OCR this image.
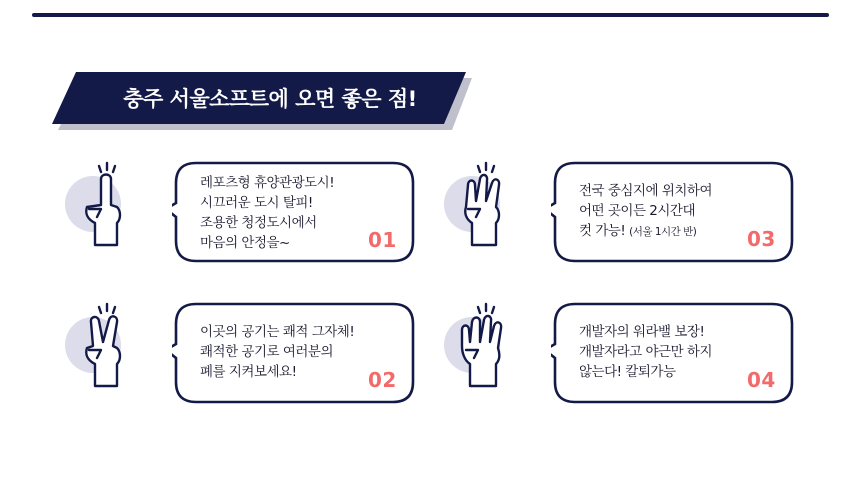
충주 서울소프트에 오면 좋은 점!
레포츠형 휴양관광도시!
시끄러운 도시 탈피!
조용한 청정도시에서
마음의 안정을~	01
이곳의 공기는 쾌적 그자체!
쾌적한 공기로 여러분의
폐를 지켜보세요!	02
전국 중심지에 위치하여
어떤 곳이든 2시간대
컷 가능! (서울 1시간 반)	03
개발자의 워라밸 보장!
개발자라고 야근만 하지
않는다! 칼퇴가능	04
